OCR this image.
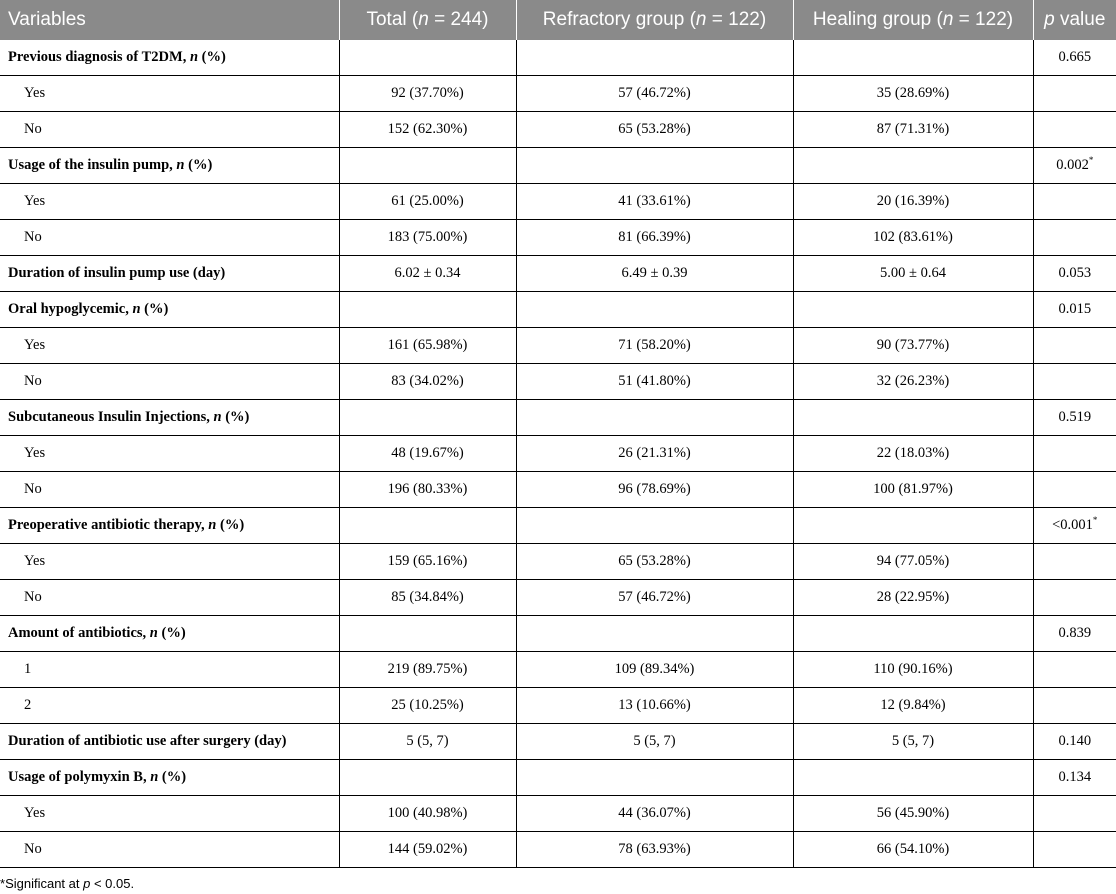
Variables	Total (n = 244)	Refractory group (n = 122)	Healing group (n = 122)	p value
Previous diagnosis of T2DM, n (%)				0.665
Yes	92 (37.70%)	57 (46.72%)	35 (28.69%)	
No	152 (62.30%)	65 (53.28%)	87 (71.31%)	
Usage of the insulin pump, n (%)				0.002*
Yes	61 (25.00%)	41 (33.61%)	20 (16.39%)	
No	183 (75.00%)	81 (66.39%)	102 (83.61%)	
Duration of insulin pump use (day)	6.02 ± 0.34	6.49 ± 0.39	5.00 ± 0.64	0.053
Oral hypoglycemic, n (%)				0.015
Yes	161 (65.98%)	71 (58.20%)	90 (73.77%)	
No	83 (34.02%)	51 (41.80%)	32 (26.23%)	
Subcutaneous Insulin Injections, n (%)				0.519
Yes	48 (19.67%)	26 (21.31%)	22 (18.03%)	
No	196 (80.33%)	96 (78.69%)	100 (81.97%)	
Preoperative antibiotic therapy, n (%)				<0.001*
Yes	159 (65.16%)	65 (53.28%)	94 (77.05%)	
No	85 (34.84%)	57 (46.72%)	28 (22.95%)	
Amount of antibiotics, n (%)				0.839
1	219 (89.75%)	109 (89.34%)	110 (90.16%)	
2	25 (10.25%)	13 (10.66%)	12 (9.84%)	
Duration of antibiotic use after surgery (day)	5 (5, 7)	5 (5, 7)	5 (5, 7)	0.140
Usage of polymyxin B, n (%)				0.134
Yes	100 (40.98%)	44 (36.07%)	56 (45.90%)	
No	144 (59.02%)	78 (63.93%)	66 (54.10%)	
*Significant at p < 0.05.
